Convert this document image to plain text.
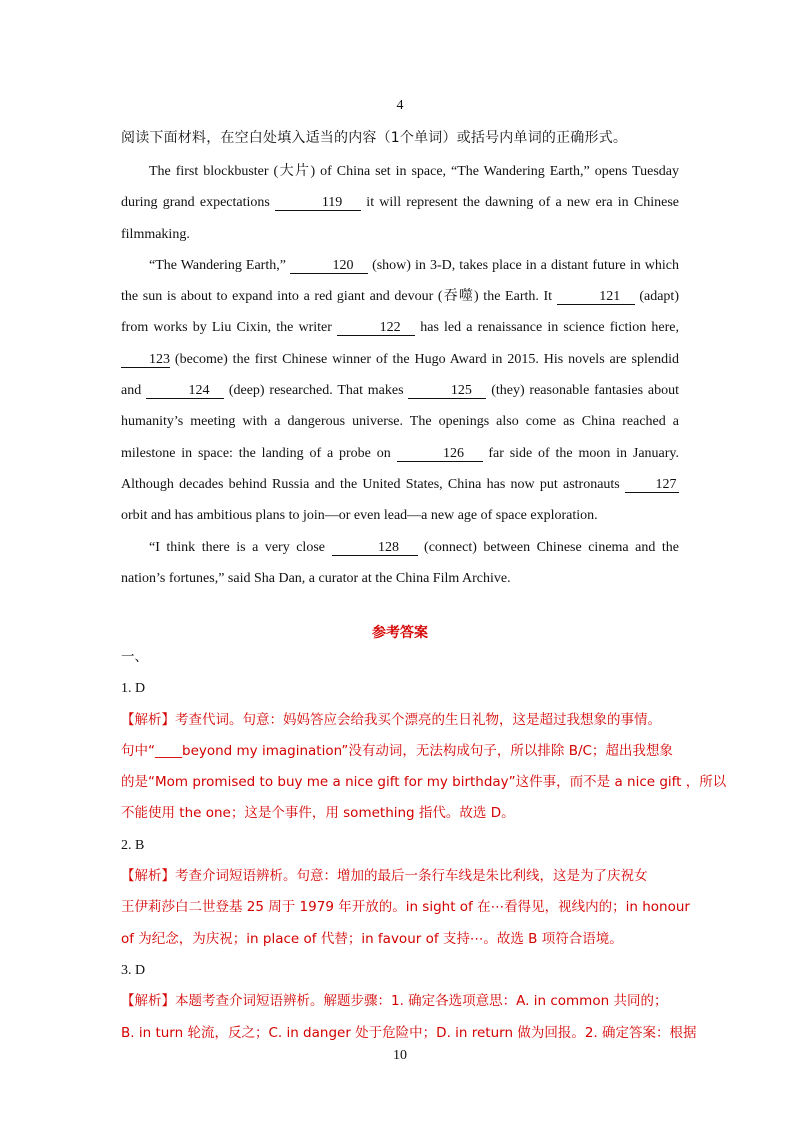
4
阅读下面材料，在空白处填入适当的内容（1个单词）或括号内单词的正确形式。

The first blockbuster (大片) of China set in space, “The Wandering Earth,” opens Tuesday during grand expectations	119 it will represent the dawning of a new era in Chinese filmmaking.

“The Wandering Earth,”	120 (show) in 3-D, takes place in a distant future in which the sun is about to expand into a red giant and devour (吞噬) the Earth. It	121 (adapt) from works by Liu Cixin, the writer	122 has led a renaissance in science fiction here, 123 (become) the first Chinese winner of the Hugo Award in 2015. His novels are splendid and	124 (deep) researched. That makes	125 (they) reasonable fantasies about humanity’s meeting with a dangerous universe. The openings also come as China reached a milestone in space: the landing of a probe on	126 far side of the moon in January. Although decades behind Russia and the United States, China has now put astronauts 127 orbit and has ambitious plans to join—or even lead—a new age of space exploration.

“I think there is a very close	128 (connect) between Chinese cinema and the nation’s fortunes,” said Sha Dan, a curator at the China Film Archive.

参考答案
一、
1. D
【解析】考查代词。句意：妈妈答应会给我买个漂亮的生日礼物，这是超过我想象的事情。
句中“____beyond my imagination”没有动词，无法构成句子，所以排除 B/C；超出我想象
的是“Mom promised to buy me a nice gift for my birthday”这件事，而不是 a nice gift ，所以
不能使用 the one；这是个事件，用 something 指代。故选 D。
2. B
【解析】考查介词短语辨析。句意：增加的最后一条行车线是朱比利线，这是为了庆祝女
王伊莉莎白二世登基 25 周于 1979 年开放的。in sight of 在⋯看得见，视线内的；in honour
of 为纪念，为庆祝；in place of 代替；in favour of 支持⋯。故选 B 项符合语境。
3. D
【解析】本题考查介词短语辨析。解题步骤：1. 确定各选项意思：A. in common 共同的；
B. in turn 轮流，反之；C. in danger 处于危险中；D. in return 做为回报。2. 确定答案：根据
10
